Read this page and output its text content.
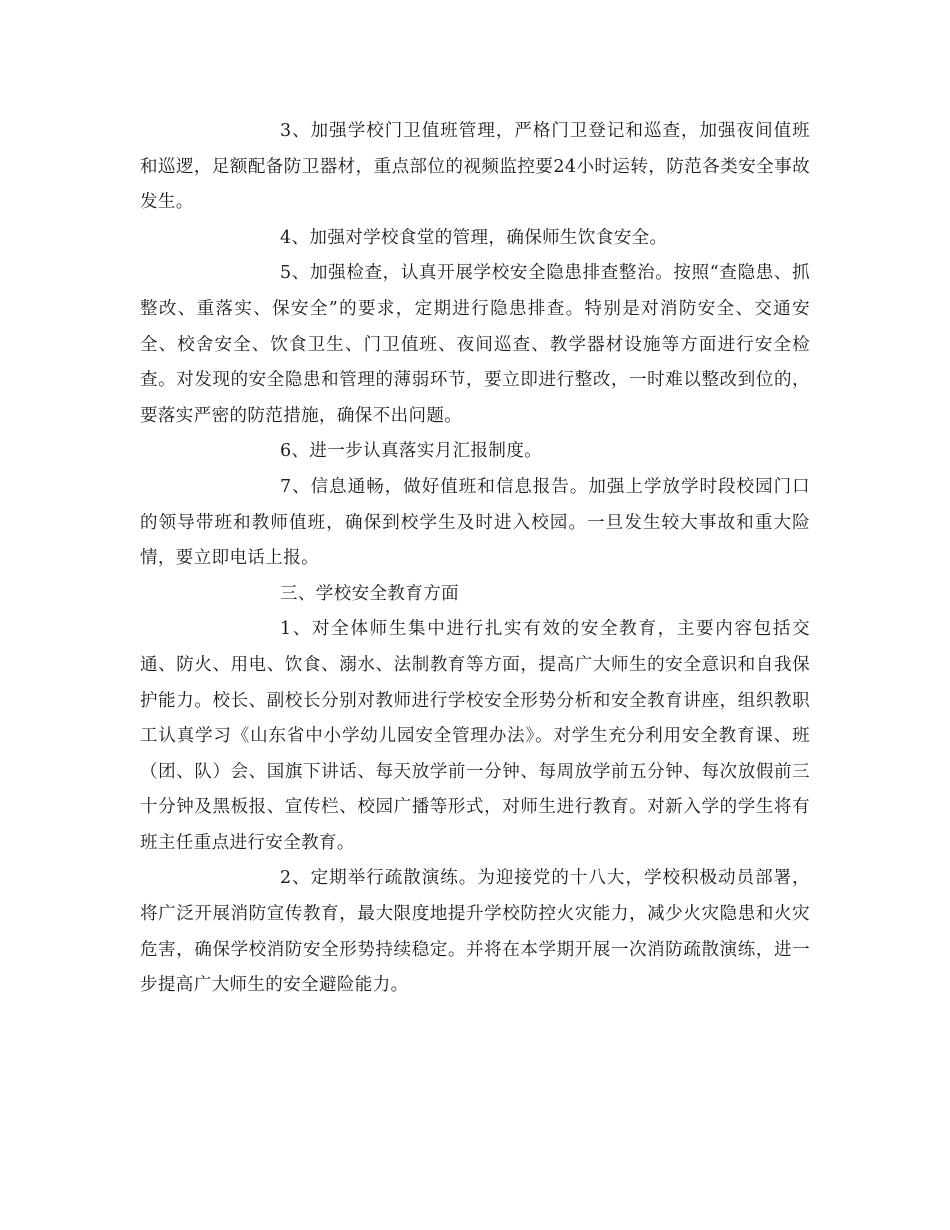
3、加强学校门卫值班管理，严格门卫登记和巡查，加强夜间值班和巡逻，足额配备防卫器材，重点部位的视频监控要24小时运转，防范各类安全事故发生。

4、加强对学校食堂的管理，确保师生饮食安全。

5、加强检查，认真开展学校安全隐患排查整治。按照“查隐患、抓整改、重落实、保安全”的要求，定期进行隐患排查。特别是对消防安全、交通安全、校舍安全、饮食卫生、门卫值班、夜间巡查、教学器材设施等方面进行安全检查。对发现的安全隐患和管理的薄弱环节，要立即进行整改，一时难以整改到位的，要落实严密的防范措施，确保不出问题。

6、进一步认真落实月汇报制度。

7、信息通畅，做好值班和信息报告。加强上学放学时段校园门口的领导带班和教师值班，确保到校学生及时进入校园。一旦发生较大事故和重大险情，要立即电话上报。

三、学校安全教育方面

1、对全体师生集中进行扎实有效的安全教育，主要内容包括交通、防火、用电、饮食、溺水、法制教育等方面，提高广大师生的安全意识和自我保护能力。校长、副校长分别对教师进行学校安全形势分析和安全教育讲座，组织教职工认真学习《山东省中小学幼儿园安全管理办法》。对学生充分利用安全教育课、班（团、队）会、国旗下讲话、每天放学前一分钟、每周放学前五分钟、每次放假前三十分钟及黑板报、宣传栏、校园广播等形式，对师生进行教育。对新入学的学生将有班主任重点进行安全教育。

2、定期举行疏散演练。为迎接党的十八大，学校积极动员部署，将广泛开展消防宣传教育，最大限度地提升学校防控火灾能力，减少火灾隐患和火灾危害，确保学校消防安全形势持续稳定。并将在本学期开展一次消防疏散演练，进一步提高广大师生的安全避险能力。
